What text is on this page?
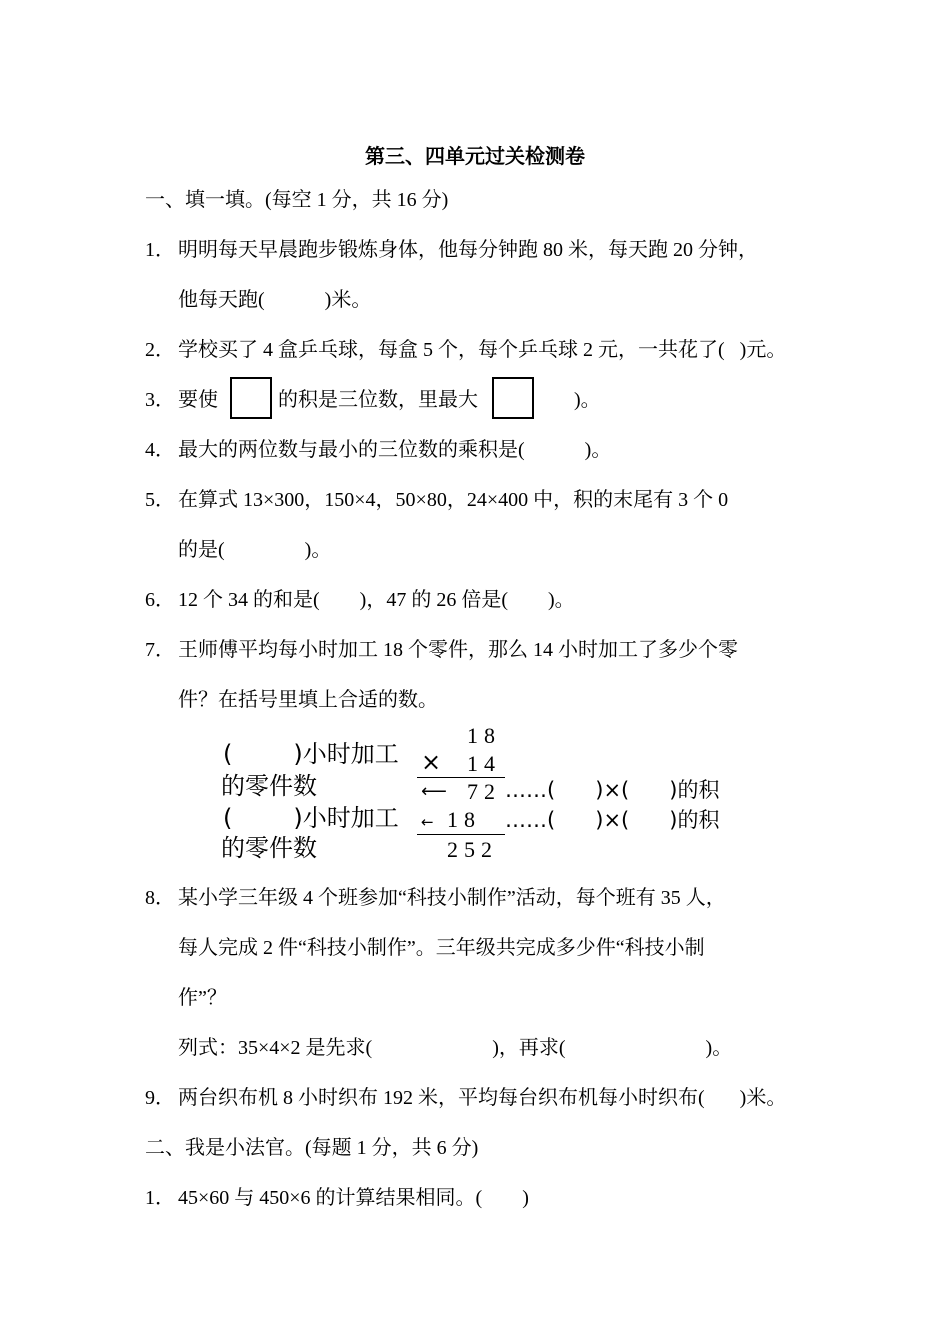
第三、四单元过关检测卷
一、填一填。(每空 1 分，共 16 分)
1． 明明每天早晨跑步锻炼身体，他每分钟跑 80 米，每天跑 20 分钟，
他每天跑(            )米。
2． 学校买了 4 盒乒乓球，每盒 5 个，每个乒乓球 2 元，一共花了(   )元。
3． 要使	的积是三位数，里最大	)。
4． 最大的两位数与最小的三位数的乘积是(            )。
5． 在算式 13×300，150×4，50×80，24×400 中，积的末尾有 3 个 0
的是(                )。
6． 12 个 34 的和是(        )，47 的 26 倍是(        )。
7． 王师傅平均每小时加工 18 个零件，那么 14 小时加工了多少个零
件？在括号里填上合适的数。
(        )小时加工
的零件数
(        )小时加工
的零件数
18
× 14
⟵ 72 ……(      )×(      )的积
← 18 ……(      )×(      )的积
252
8． 某小学三年级 4 个班参加“科技小制作”活动，每个班有 35 人，
每人完成 2 件“科技小制作”。三年级共完成多少件“科技小制
作”？
列式：35×4×2 是先求(                        )，再求(                            )。
9． 两台织布机 8 小时织布 192 米，平均每台织布机每小时织布(       )米。
二、我是小法官。(每题 1 分，共 6 分)
1． 45×60 与 450×6 的计算结果相同。(        )
